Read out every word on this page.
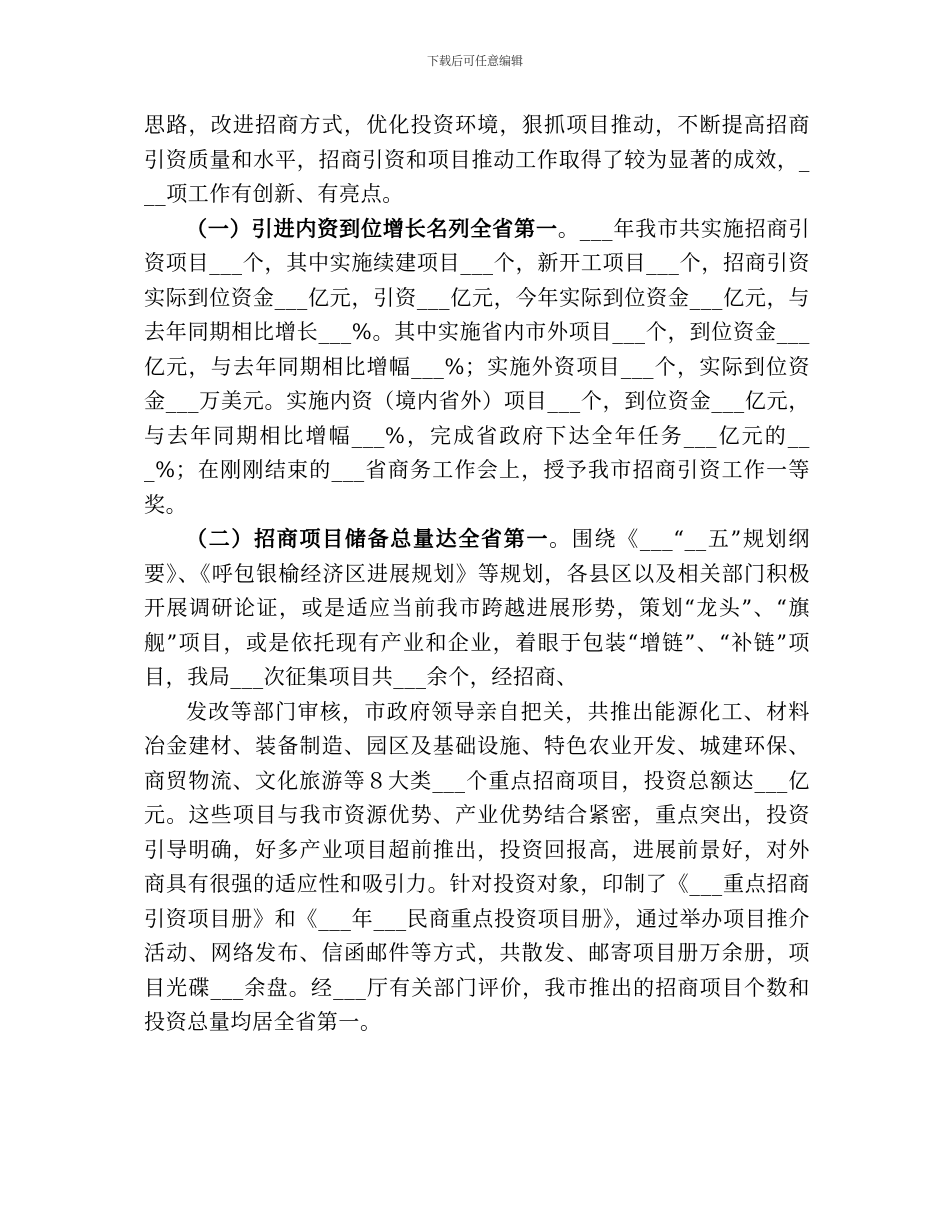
下载后可任意编辑

思路，改进招商方式，优化投资环境，狠抓项目推动，不断提高招商引资质量和水平，招商引资和项目推动工作取得了较为显著的成效，___项工作有创新、有亮点。

（一）引进内资到位增长名列全省第一。___年我市共实施招商引资项目___个，其中实施续建项目___个，新开工项目___个，招商引资实际到位资金___亿元，引资___亿元，今年实际到位资金___亿元，与去年同期相比增长___%。其中实施省内市外项目___个，到位资金___亿元，与去年同期相比增幅___%；实施外资项目___个，实际到位资金___万美元。实施内资（境内省外）项目___个，到位资金___亿元，与去年同期相比增幅___%，完成省政府下达全年任务___亿元的___%；在刚刚结束的___省商务工作会上，授予我市招商引资工作一等奖。

（二）招商项目储备总量达全省第一。围绕《___“__五”规划纲要》、《呼包银榆经济区进展规划》等规划，各县区以及相关部门积极开展调研论证，或是适应当前我市跨越进展形势，策划“龙头”、“旗舰”项目，或是依托现有产业和企业，着眼于包装“增链”、“补链”项目，我局___次征集项目共___余个，经招商、

发改等部门审核，市政府领导亲自把关，共推出能源化工、材料冶金建材、装备制造、园区及基础设施、特色农业开发、城建环保、商贸物流、文化旅游等８大类___个重点招商项目，投资总额达___亿元。这些项目与我市资源优势、产业优势结合紧密，重点突出，投资引导明确，好多产业项目超前推出，投资回报高，进展前景好，对外商具有很强的适应性和吸引力。针对投资对象，印制了《___重点招商引资项目册》和《___年___民商重点投资项目册》，通过举办项目推介活动、网络发布、信函邮件等方式，共散发、邮寄项目册万余册，项目光碟___余盘。经___厅有关部门评价，我市推出的招商项目个数和投资总量均居全省第一。
